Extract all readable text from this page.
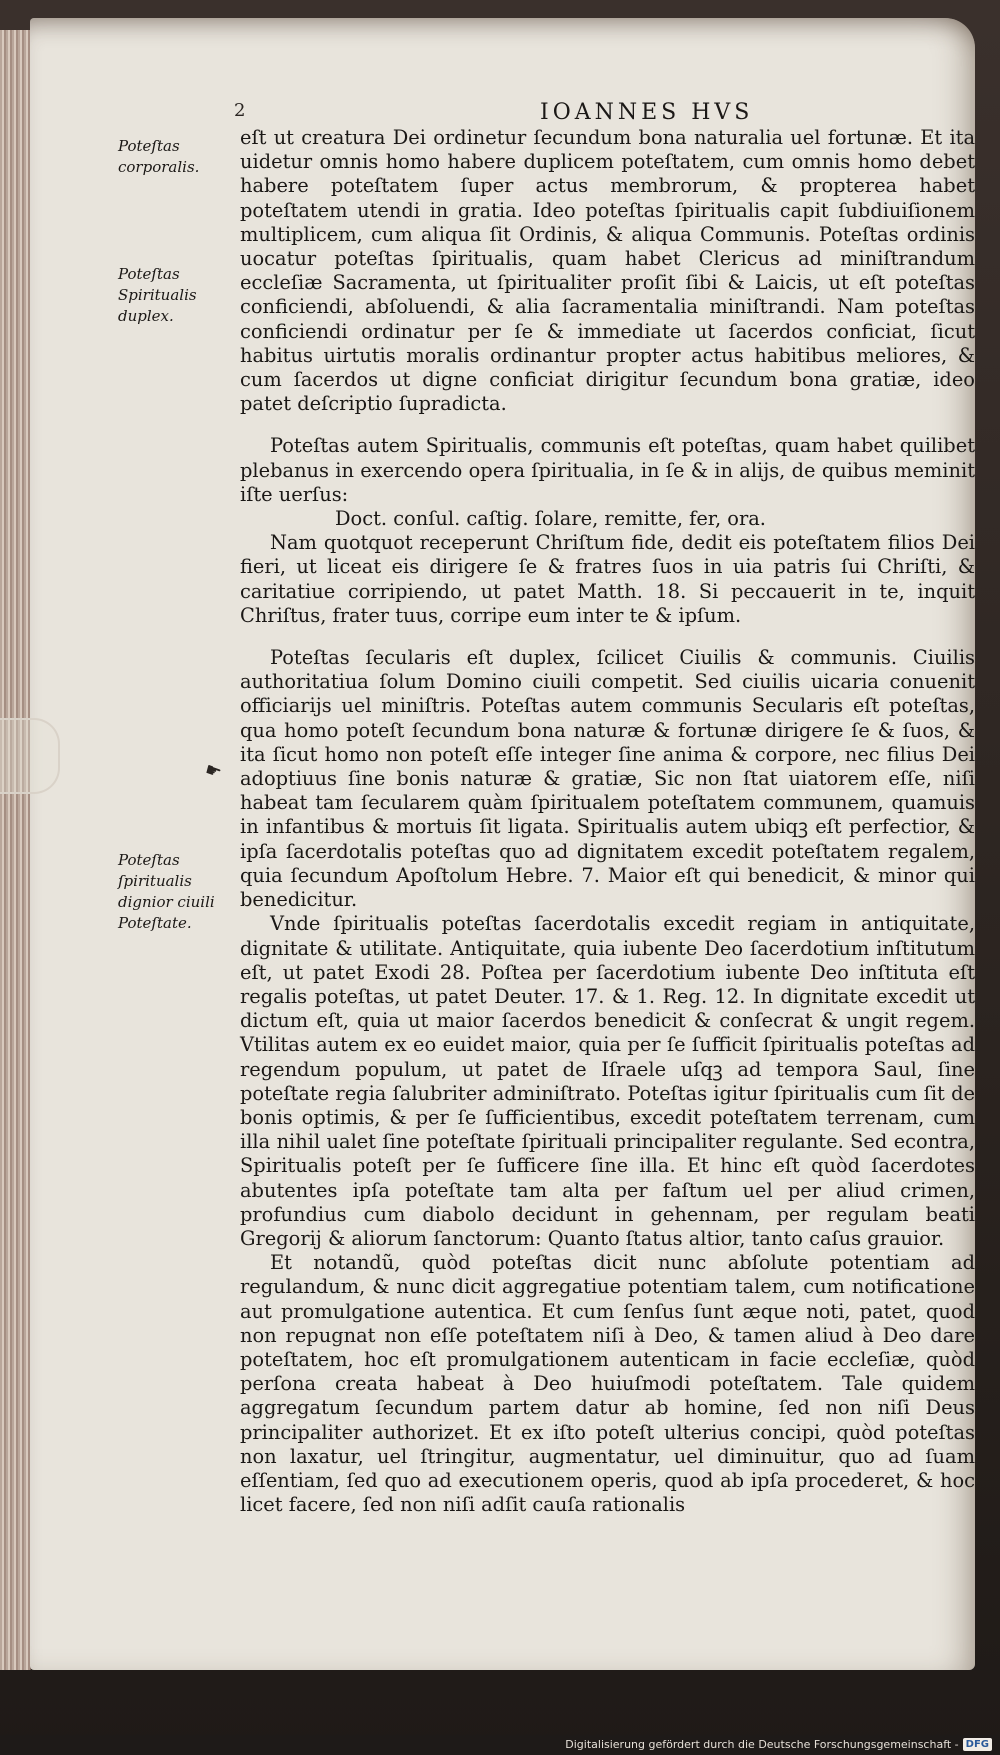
2	IOANNES HVS
Poteſtas corporalis.
Poteſtas Spiritualis duplex.
Poteſtas ſpiritualis dignior ciuili Poteſtate.
☛

eſt ut creatura Dei ordinetur ſecundum bona naturalia uel fortunæ. Et ita uidetur omnis homo habere duplicem poteſtatem, cum omnis homo debet habere poteſtatem ſuper actus membrorum, & propterea habet poteſtatem utendi in gratia. Ideo poteſtas ſpiritualis capit ſubdiuiſionem multiplicem, cum aliqua ſit Ordinis, & aliqua Communis. Poteſtas ordinis uocatur poteſtas ſpiritualis, quam habet Clericus ad miniſtrandum eccleſiæ Sacramenta, ut ſpiritualiter proſit ſibi & Laicis, ut eſt poteſtas conficiendi, abſoluendi, & alia ſacramentalia miniſtrandi. Nam poteſtas conficiendi ordinatur per ſe & immediate ut ſacerdos conficiat, ſicut habitus uirtutis moralis ordinantur propter actus habitibus meliores, & cum ſacerdos ut digne conficiat dirigitur ſecundum bona gratiæ, ideo patet deſcriptio ſupradicta.

Poteſtas autem Spiritualis, communis eſt poteſtas, quam habet quilibet plebanus in exercendo opera ſpiritualia, in ſe & in alijs, de quibus meminit iſte uerſus:

Doct. conſul. caſtig. ſolare, remitte, fer, ora.

Nam quotquot receperunt Chriſtum fide, dedit eis poteſtatem filios Dei fieri, ut liceat eis dirigere ſe & fratres ſuos in uia patris ſui Chriſti, & caritatiue corripiendo, ut patet Matth. 18. Si peccauerit in te, inquit Chriſtus, frater tuus, corripe eum inter te & ipſum.

Poteſtas ſecularis eſt duplex, ſcilicet Ciuilis & communis. Ciuilis authoritatiua ſolum Domino ciuili competit. Sed ciuilis uicaria conuenit officiarijs uel miniſtris. Poteſtas autem communis Secularis eſt poteſtas, qua homo poteſt ſecundum bona naturæ & fortunæ dirigere ſe & ſuos, & ita ſicut homo non poteſt eſſe integer ſine anima & corpore, nec filius Dei adoptiuus ſine bonis naturæ & gratiæ, Sic non ſtat uiatorem eſſe, niſi habeat tam ſecularem quàm ſpiritualem poteſtatem communem, quamuis in infantibus & mortuis ſit ligata. Spiritualis autem ubiqꝫ eſt perfectior, & ipſa ſacerdotalis poteſtas quo ad dignitatem excedit poteſtatem regalem, quia ſecundum Apoſtolum Hebre. 7. Maior eſt qui benedicit, & minor qui benedicitur.

Vnde ſpiritualis poteſtas ſacerdotalis excedit regiam in antiquitate, dignitate & utilitate. Antiquitate, quia iubente Deo ſacerdotium inſtitutum eſt, ut patet Exodi 28. Poſtea per ſacerdotium iubente Deo inſtituta eſt regalis poteſtas, ut patet Deuter. 17. & 1. Reg. 12. In dignitate excedit ut dictum eſt, quia ut maior ſacerdos benedicit & conſecrat & ungit regem. Vtilitas autem ex eo euidet maior, quia per ſe ſufficit ſpiritualis poteſtas ad regendum populum, ut patet de Iſraele uſqꝫ ad tempora Saul, ſine poteſtate regia ſalubriter adminiſtrato. Poteſtas igitur ſpiritualis cum ſit de bonis optimis, & per ſe ſufficientibus, excedit poteſtatem terrenam, cum illa nihil ualet ſine poteſtate ſpirituali principaliter regulante. Sed econtra, Spiritualis poteſt per ſe ſufficere ſine illa. Et hinc eſt quòd ſacerdotes abutentes ipſa poteſtate tam alta per faſtum uel per aliud crimen, profundius cum diabolo decidunt in gehennam, per regulam beati Gregorij & aliorum ſanctorum: Quanto ſtatus altior, tanto caſus grauior.

Et notandũ, quòd poteſtas dicit nunc abſolute potentiam ad regulandum, & nunc dicit aggregatiue potentiam talem, cum notificatione aut promulgatione autentica. Et cum ſenſus ſunt æque noti, patet, quod non repugnat non eſſe poteſtatem niſi à Deo, & tamen aliud à Deo dare poteſtatem, hoc eſt promulgationem autenticam in facie eccleſiæ, quòd perſona creata habeat à Deo huiuſmodi poteſtatem. Tale quidem aggregatum ſecundum partem datur ab homine, ſed non niſi Deus principaliter authorizet. Et ex iſto poteſt ulterius concipi, quòd poteſtas non laxatur, uel ſtringitur, augmentatur, uel diminuitur, quo ad ſuam eſſentiam, ſed quo ad executionem operis, quod ab ipſa procederet, & hoc licet facere, ſed non niſi adſit cauſa rationalis

Digitalisierung gefördert durch die Deutsche Forschungsgemeinschaft - DFG
